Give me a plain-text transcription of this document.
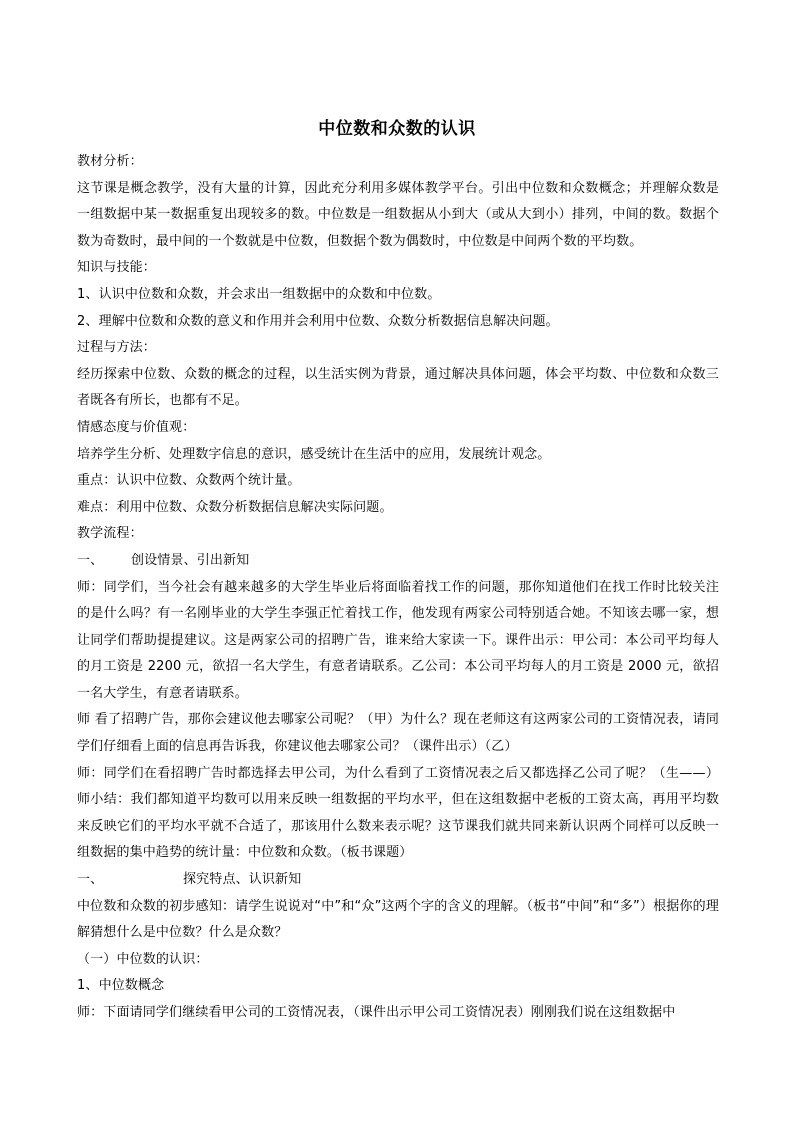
中位数和众数的认识

教材分析：

这节课是概念教学，没有大量的计算，因此充分利用多媒体教学平台。引出中位数和众数概念；并理解众数是一组数据中某一数据重复出现较多的数。中位数是一组数据从小到大（或从大到小）排列，中间的数。数据个数为奇数时，最中间的一个数就是中位数，但数据个数为偶数时，中位数是中间两个数的平均数。

知识与技能：

1、认识中位数和众数，并会求出一组数据中的众数和中位数。

2、理解中位数和众数的意义和作用并会利用中位数、众数分析数据信息解决问题。

过程与方法：

经历探索中位数、众数的概念的过程，以生活实例为背景，通过解决具体问题，体会平均数、中位数和众数三者既各有所长，也都有不足。

情感态度与价值观：

培养学生分析、处理数字信息的意识，感受统计在生活中的应用，发展统计观念。

重点：认识中位数、众数两个统计量。

难点：利用中位数、众数分析数据信息解决实际问题。

教学流程：

一、 创设情景、引出新知

师：同学们，当今社会有越来越多的大学生毕业后将面临着找工作的问题，那你知道他们在找工作时比较关注的是什么吗？有一名刚毕业的大学生李强正忙着找工作，他发现有两家公司特别适合她。不知该去哪一家，想让同学们帮助提提建议。这是两家公司的招聘广告，谁来给大家读一下。课件出示：甲公司：本公司平均每人的月工资是 2200 元，欲招一名大学生，有意者请联系。乙公司：本公司平均每人的月工资是 2000 元，欲招一名大学生，有意者请联系。

师 看了招聘广告，那你会建议他去哪家公司呢？（甲）为什么？现在老师这有这两家公司的工资情况表，请同学们仔细看上面的信息再告诉我，你建议他去哪家公司？（课件出示）（乙）

师：同学们在看招聘广告时都选择去甲公司，为什么看到了工资情况表之后又都选择乙公司了呢？（生——）师小结：我们都知道平均数可以用来反映一组数据的平均水平，但在这组数据中老板的工资太高，再用平均数来反映它们的平均水平就不合适了，那该用什么数来表示呢？这节课我们就共同来新认识两个同样可以反映一组数据的集中趋势的统计量：中位数和众数。（板书课题）

一、	探究特点、认识新知

中位数和众数的初步感知：请学生说说对“中”和“众”这两个字的含义的理解。（板书“中间”和“多”）根据你的理解猜想什么是中位数？什么是众数？

（一）中位数的认识：

1、中位数概念

师：下面请同学们继续看甲公司的工资情况表，（课件出示甲公司工资情况表）刚刚我们说在这组数据中
